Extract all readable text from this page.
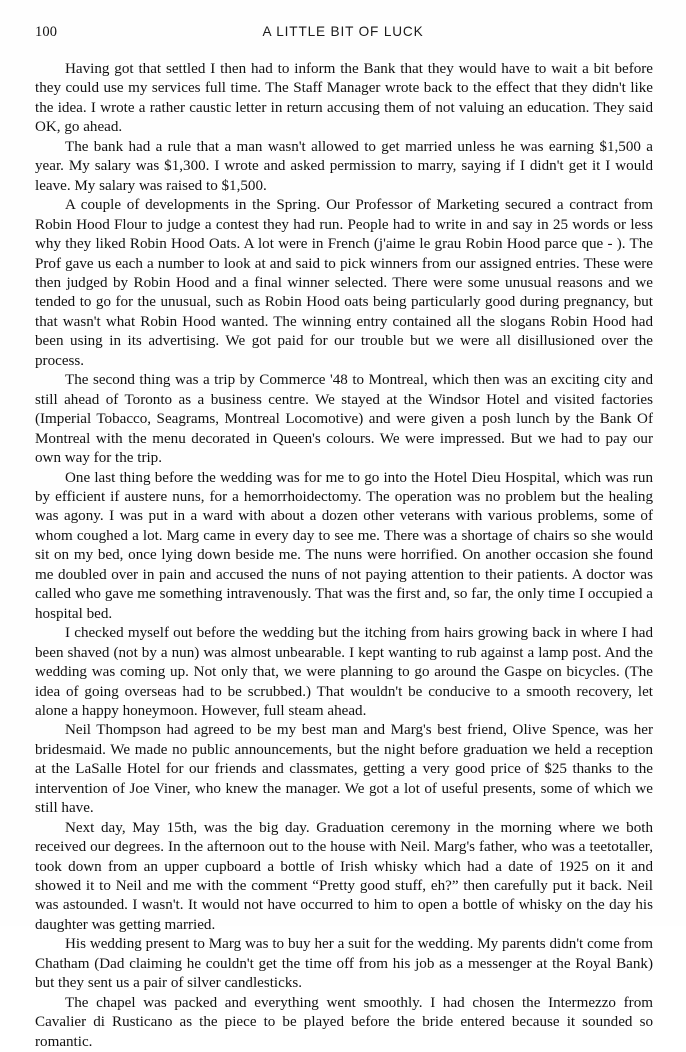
100	A LITTLE BIT OF LUCK

Having got that settled I then had to inform the Bank that they would have to wait a bit before they could use my services full time. The Staff Manager wrote back to the effect that they didn't like the idea. I wrote a rather caustic letter in return accusing them of not valuing an education. They said OK, go ahead.

The bank had a rule that a man wasn't allowed to get married unless he was earning $1,500 a year. My salary was $1,300. I wrote and asked permission to marry, saying if I didn't get it I would leave. My salary was raised to $1,500.

A couple of developments in the Spring. Our Professor of Marketing secured a contract from Robin Hood Flour to judge a contest they had run. People had to write in and say in 25 words or less why they liked Robin Hood Oats. A lot were in French (j'aime le grau Robin Hood parce que - ). The Prof gave us each a number to look at and said to pick winners from our assigned entries. These were then judged by Robin Hood and a final winner selected. There were some unusual reasons and we tended to go for the unusual, such as Robin Hood oats being particularly good during pregnancy, but that wasn't what Robin Hood wanted. The winning entry contained all the slogans Robin Hood had been using in its advertising. We got paid for our trouble but we were all disillusioned over the process.

The second thing was a trip by Commerce '48 to Montreal, which then was an exciting city and still ahead of Toronto as a business centre. We stayed at the Windsor Hotel and visited factories (Imperial Tobacco, Seagrams, Montreal Locomotive) and were given a posh lunch by the Bank Of Montreal with the menu decorated in Queen's colours. We were impressed. But we had to pay our own way for the trip.

One last thing before the wedding was for me to go into the Hotel Dieu Hospital, which was run by efficient if austere nuns, for a hemorrhoidectomy. The operation was no problem but the healing was agony. I was put in a ward with about a dozen other veterans with various problems, some of whom coughed a lot. Marg came in every day to see me. There was a shortage of chairs so she would sit on my bed, once lying down beside me. The nuns were horrified. On another occasion she found me doubled over in pain and accused the nuns of not paying attention to their patients. A doctor was called who gave me something intravenously. That was the first and, so far, the only time I occupied a hospital bed.

I checked myself out before the wedding but the itching from hairs growing back in where I had been shaved (not by a nun) was almost unbearable. I kept wanting to rub against a lamp post. And the wedding was coming up. Not only that, we were planning to go around the Gaspe on bicycles. (The idea of going overseas had to be scrubbed.) That wouldn't be conducive to a smooth recovery, let alone a happy honeymoon. However, full steam ahead.

Neil Thompson had agreed to be my best man and Marg's best friend, Olive Spence, was her bridesmaid. We made no public announcements, but the night before graduation we held a reception at the LaSalle Hotel for our friends and classmates, getting a very good price of $25 thanks to the intervention of Joe Viner, who knew the manager. We got a lot of useful presents, some of which we still have.

Next day, May 15th, was the big day. Graduation ceremony in the morning where we both received our degrees. In the afternoon out to the house with Neil. Marg's father, who was a teetotaller, took down from an upper cupboard a bottle of Irish whisky which had a date of 1925 on it and showed it to Neil and me with the comment “Pretty good stuff, eh?” then carefully put it back. Neil was astounded. I wasn't. It would not have occurred to him to open a bottle of whisky on the day his daughter was getting married.

His wedding present to Marg was to buy her a suit for the wedding. My parents didn't come from Chatham (Dad claiming he couldn't get the time off from his job as a messenger at the Royal Bank) but they sent us a pair of silver candlesticks.

The chapel was packed and everything went smoothly. I had chosen the Intermezzo from Cavalier di Rusticano as the piece to be played before the bride entered because it sounded so romantic.
